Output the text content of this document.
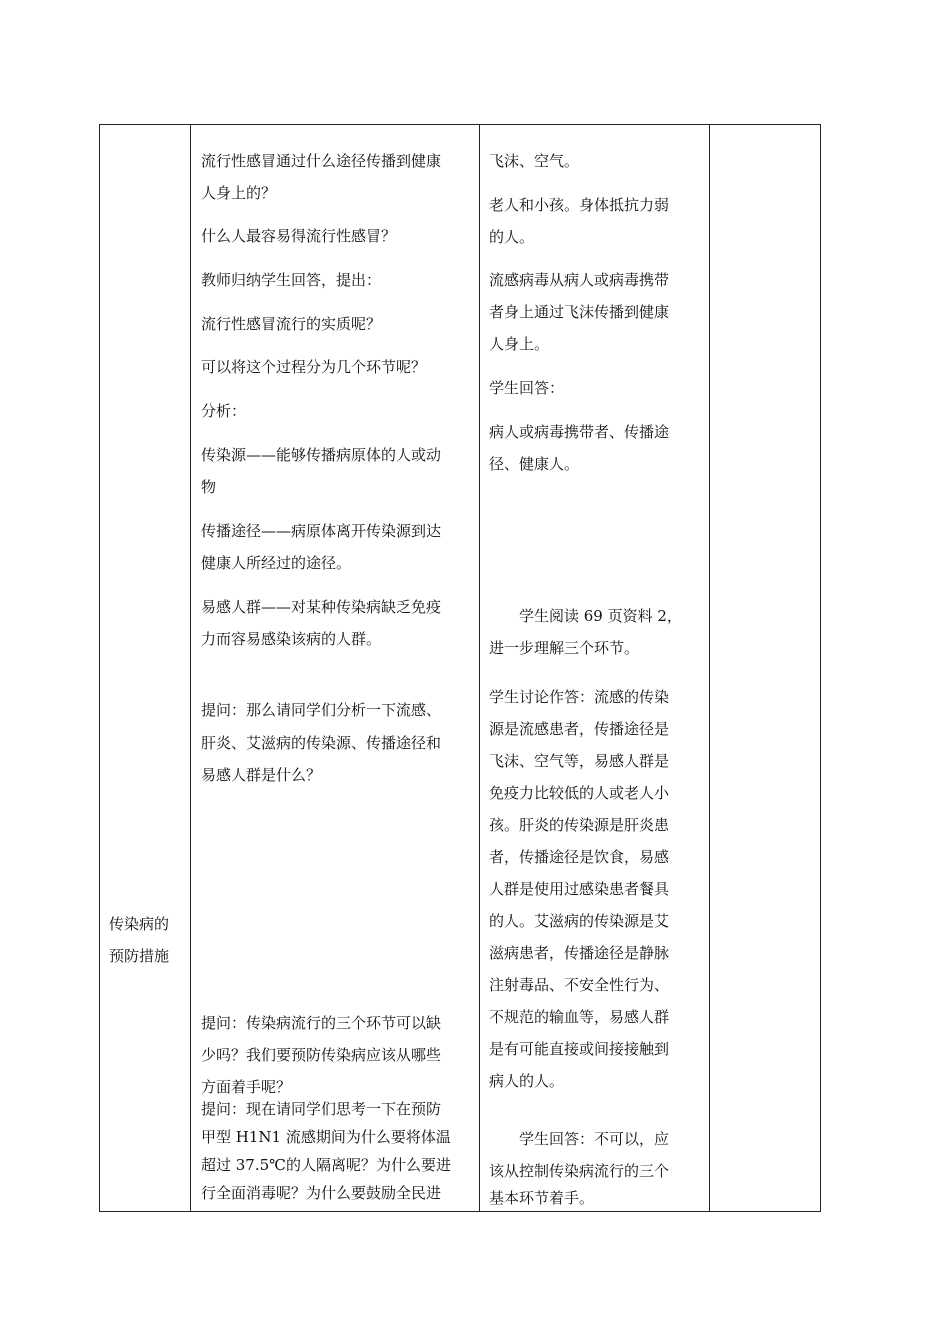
传染病的

预防措施

流行性感冒通过什么途径传播到健康

人身上的？

什么人最容易得流行性感冒？

教师归纳学生回答，提出：

流行性感冒流行的实质呢？

可以将这个过程分为几个环节呢？

分析：

传染源——能够传播病原体的人或动

物

传播途径——病原体离开传染源到达

健康人所经过的途径。

易感人群——对某种传染病缺乏免疫

力而容易感染该病的人群。

提问：那么请同学们分析一下流感、

肝炎、艾滋病的传染源、传播途径和

易感人群是什么？

提问：传染病流行的三个环节可以缺

少吗？我们要预防传染病应该从哪些

方面着手呢？

提问：现在请同学们思考一下在预防

甲型 H1N1 流感期间为什么要将体温

超过 37.5℃的人隔离呢？为什么要进

行全面消毒呢？为什么要鼓励全民进

飞沫、空气。

老人和小孩。身体抵抗力弱

的人。

流感病毒从病人或病毒携带

者身上通过飞沫传播到健康

人身上。

学生回答：

病人或病毒携带者、传播途

径、健康人。

　　学生阅读 69 页资料 2，

进一步理解三个环节。

学生讨论作答：流感的传染

源是流感患者，传播途径是

飞沫、空气等，易感人群是

免疫力比较低的人或老人小

孩。肝炎的传染源是肝炎患

者，传播途径是饮食，易感

人群是使用过感染患者餐具

的人。艾滋病的传染源是艾

滋病患者，传播途径是静脉

注射毒品、不安全性行为、

不规范的输血等，易感人群

是有可能直接或间接接触到

病人的人。

　　学生回答：不可以，应

该从控制传染病流行的三个

基本环节着手。
